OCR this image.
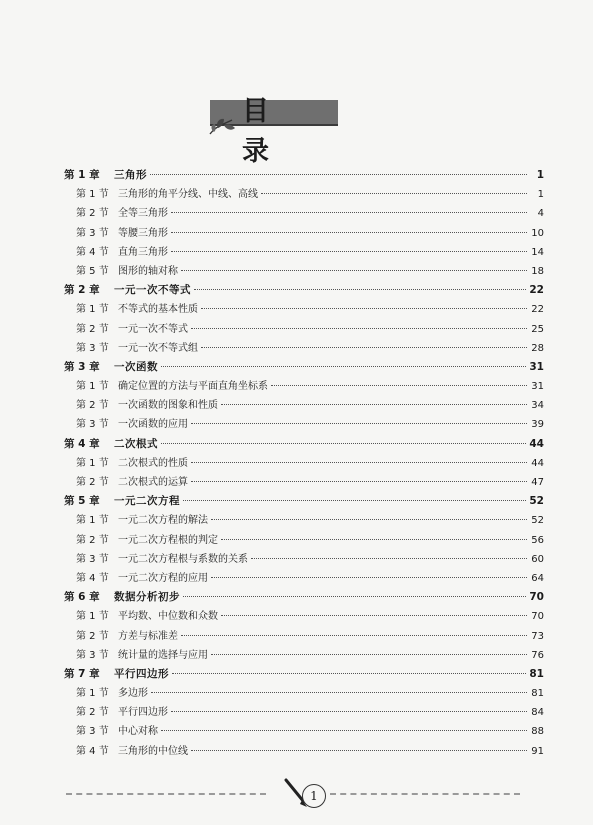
目 录
第 1 章	三角形	1
第 1 节 三角形的角平分线、中线、高线	1
第 2 节 全等三角形	4
第 3 节 等腰三角形	10
第 4 节 直角三角形	14
第 5 节 图形的轴对称	18
第 2 章	一元一次不等式	22
第 1 节 不等式的基本性质	22
第 2 节 一元一次不等式	25
第 3 节 一元一次不等式组	28
第 3 章	一次函数	31
第 1 节 确定位置的方法与平面直角坐标系	31
第 2 节 一次函数的图象和性质	34
第 3 节 一次函数的应用	39
第 4 章	二次根式	44
第 1 节 二次根式的性质	44
第 2 节 二次根式的运算	47
第 5 章	一元二次方程	52
第 1 节 一元二次方程的解法	52
第 2 节 一元二次方程根的判定	56
第 3 节 一元二次方程根与系数的关系	60
第 4 节 一元二次方程的应用	64
第 6 章	数据分析初步	70
第 1 节 平均数、中位数和众数	70
第 2 节 方差与标准差	73
第 3 节 统计量的选择与应用	76
第 7 章	平行四边形	81
第 1 节 多边形	81
第 2 节 平行四边形	84
第 3 节 中心对称	88
第 4 节 三角形的中位线	91
1
